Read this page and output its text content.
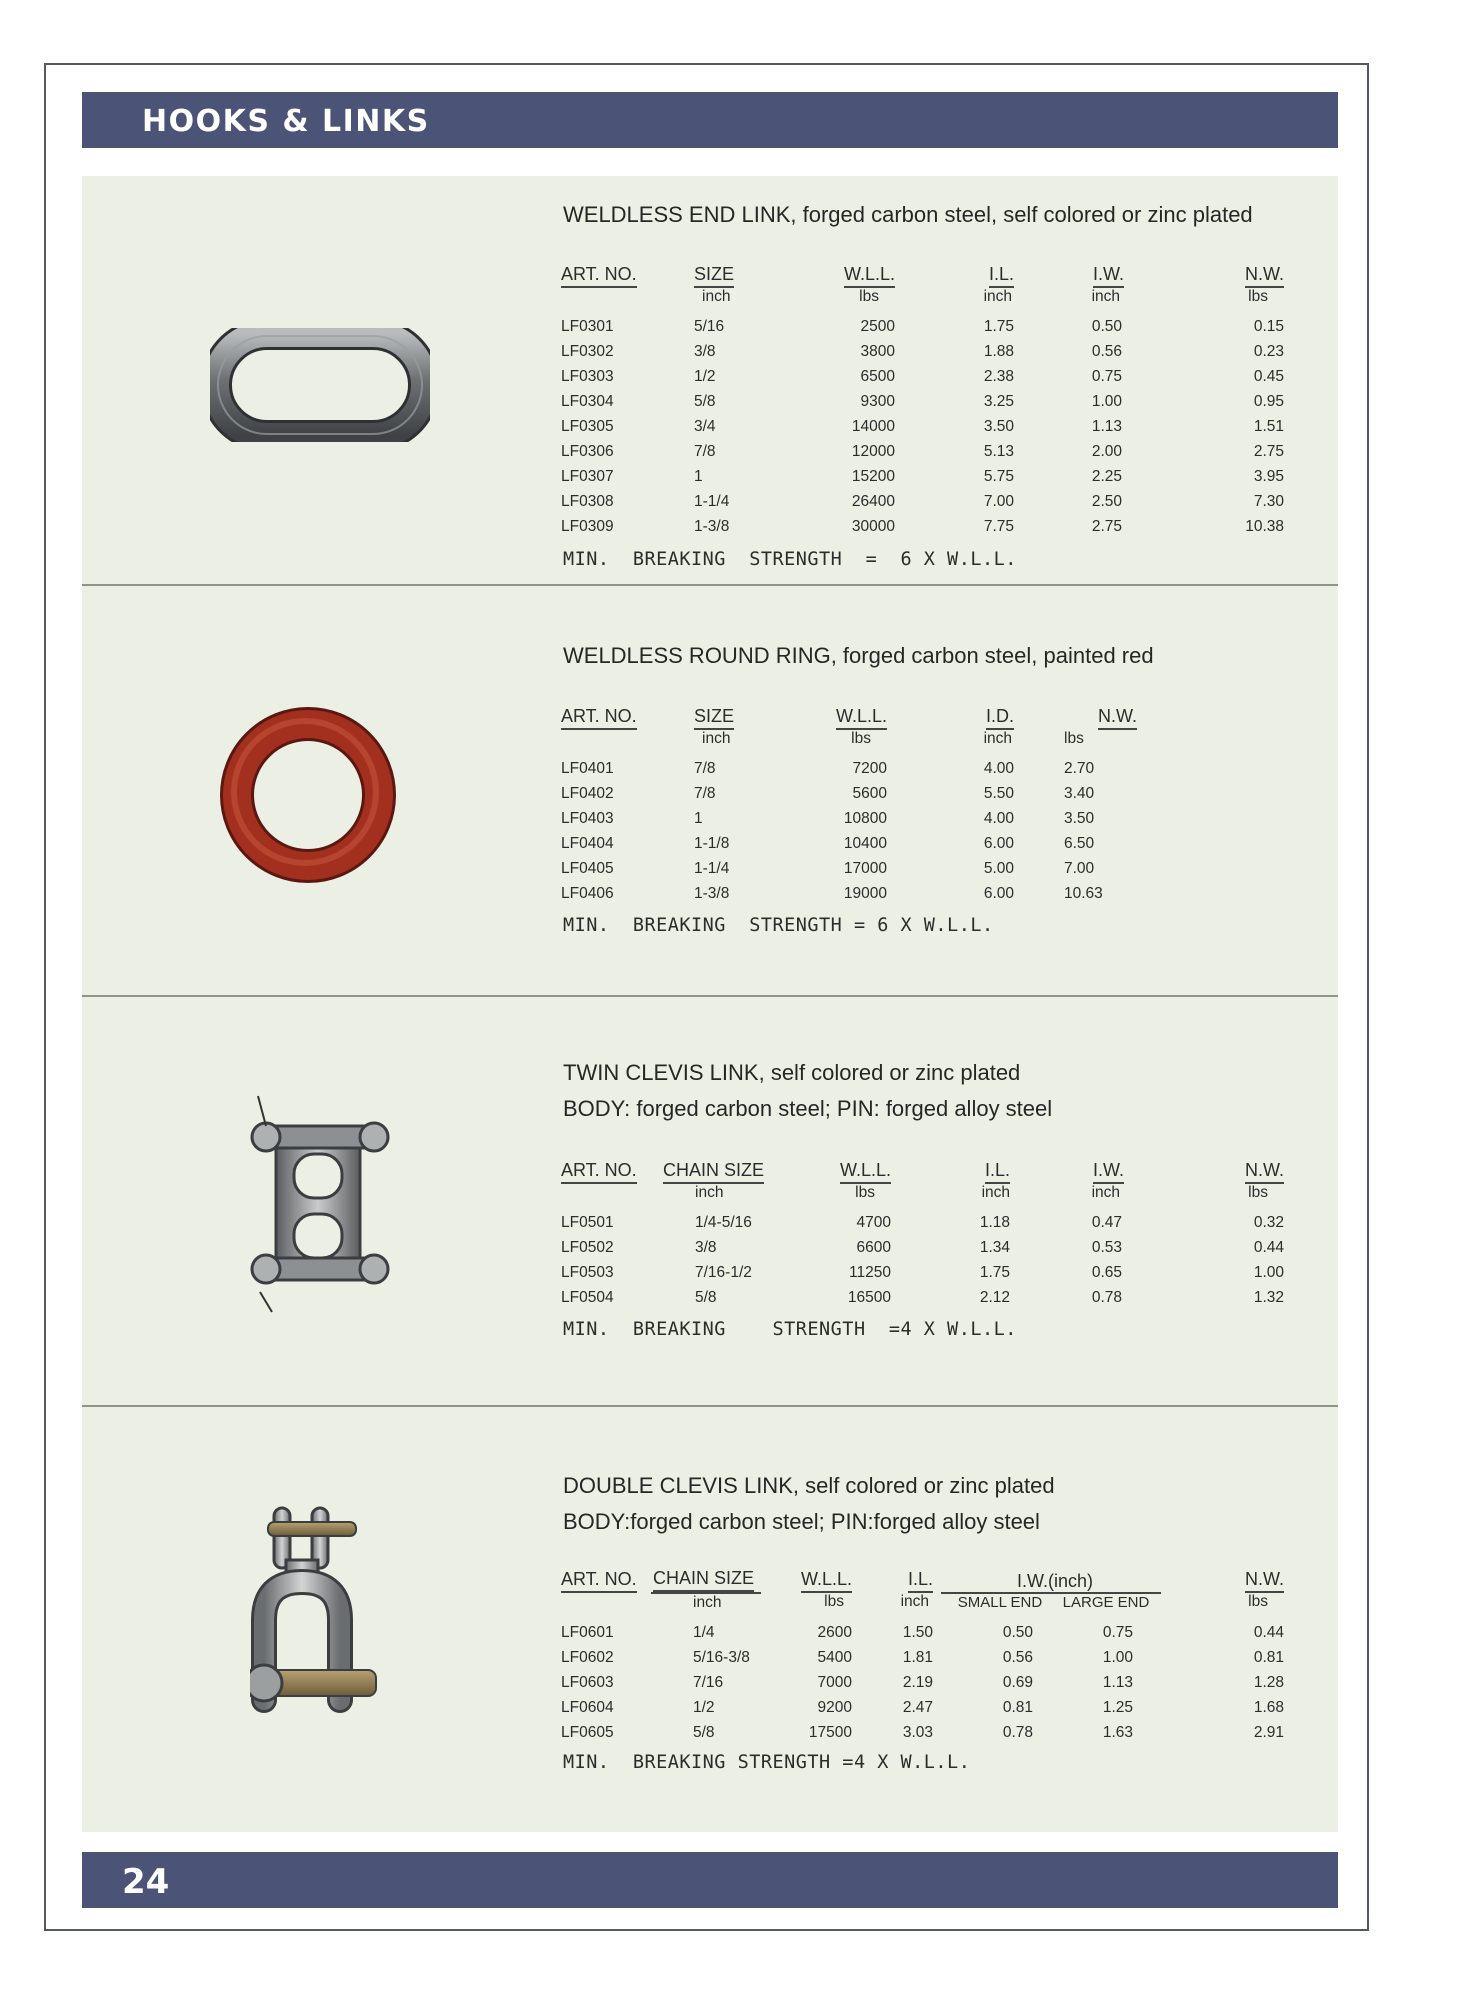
HOOKS & LINKS
WELDLESS END LINK, forged carbon steel, self colored or zinc plated
ART. NO.	SIZE	W.L.L.	I.L.	I.W.	N.W.
	inch	lbs	inch	inch	lbs
LF0301	5/16	2500	1.75	0.50	0.15
LF0302	3/8	3800	1.88	0.56	0.23
LF0303	1/2	6500	2.38	0.75	0.45
LF0304	5/8	9300	3.25	1.00	0.95
LF0305	3/4	14000	3.50	1.13	1.51
LF0306	7/8	12000	5.13	2.00	2.75
LF0307	1	15200	5.75	2.25	3.95
LF0308	1-1/4	26400	7.00	2.50	7.30
LF0309	1-3/8	30000	7.75	2.75	10.38
MIN.  BREAKING  STRENGTH  =  6 X W.L.L.
WELDLESS ROUND RING, forged carbon steel, painted red
ART. NO.	SIZE	W.L.L.	I.D.	N.W.
	inch	lbs	inch	lbs
LF0401	7/8	7200	4.00	2.70
LF0402	7/8	5600	5.50	3.40
LF0403	1	10800	4.00	3.50
LF0404	1-1/8	10400	6.00	6.50
LF0405	1-1/4	17000	5.00	7.00
LF0406	1-3/8	19000	6.00	10.63
MIN.  BREAKING  STRENGTH = 6 X W.L.L.
TWIN CLEVIS LINK, self colored or zinc plated
BODY: forged carbon steel; PIN: forged alloy steel
ART. NO.	CHAIN SIZE	W.L.L.	I.L.	I.W.	N.W.
	inch	lbs	inch	inch	lbs
LF0501	1/4-5/16	4700	1.18	0.47	0.32
LF0502	3/8	6600	1.34	0.53	0.44
LF0503	7/16-1/2	11250	1.75	0.65	1.00
LF0504	5/8	16500	2.12	0.78	1.32
MIN.  BREAKING    STRENGTH  =4 X W.L.L.
DOUBLE CLEVIS LINK, self colored or zinc plated
BODY:forged carbon steel; PIN:forged alloy steel
ART. NO.	CHAIN SIZE	W.L.L.	I.L.	I.W.(inch)		N.W.
	inch	lbs	inch	SMALL END	LARGE END	lbs
LF0601	1/4	2600	1.50	0.50	0.75	0.44
LF0602	5/16-3/8	5400	1.81	0.56	1.00	0.81
LF0603	7/16	7000	2.19	0.69	1.13	1.28
LF0604	1/2	9200	2.47	0.81	1.25	1.68
LF0605	5/8	17500	3.03	0.78	1.63	2.91
MIN.  BREAKING STRENGTH =4 X W.L.L.
24
